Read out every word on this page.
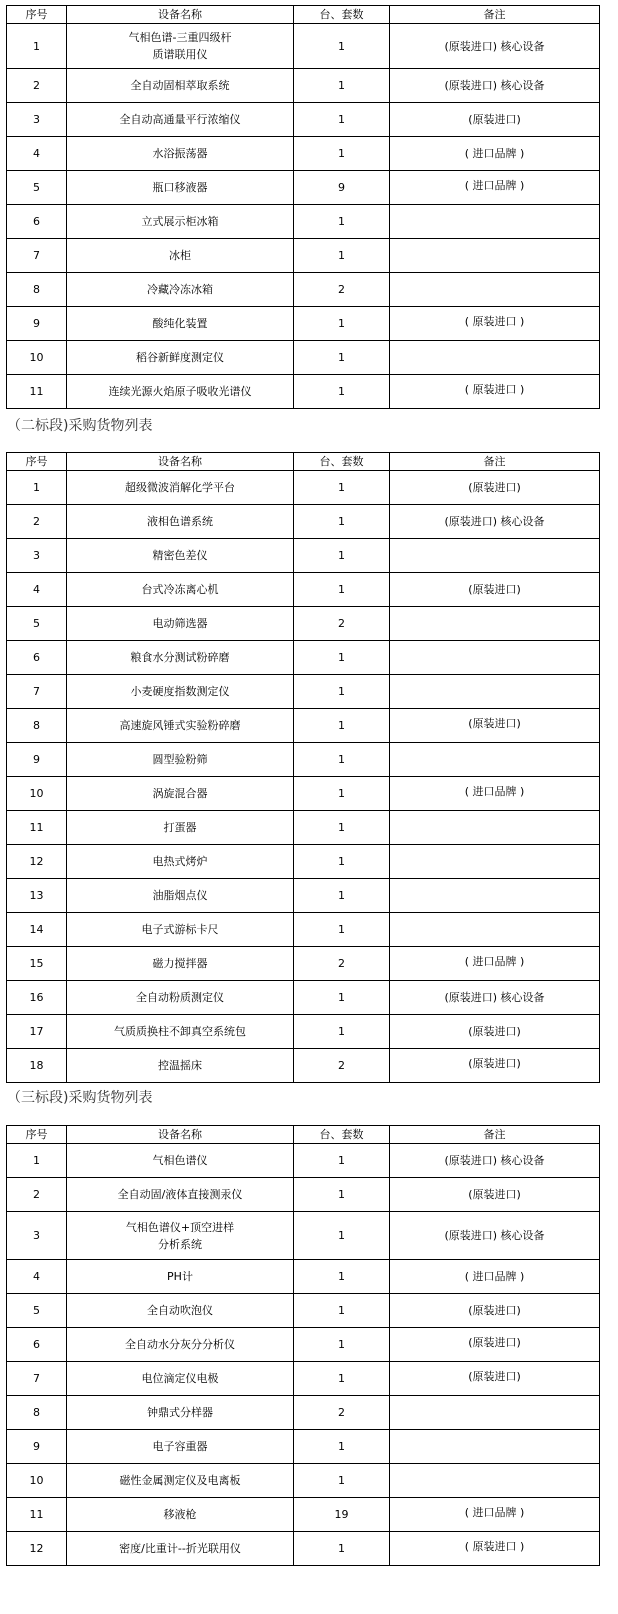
序号	设备名称	台、套数	备注
1	气相色谱-三重四级杆
质谱联用仪	1	(原装进口) 核心设备
2	全自动固相萃取系统	1	(原装进口) 核心设备
3	全自动高通量平行浓缩仪	1	(原装进口)
4	水浴振荡器	1	( 进口品牌 )
5	瓶口移液器	9	( 进口品牌 )
6	立式展示柜冰箱	1	
7	冰柜	1	
8	冷藏冷冻冰箱	2	
9	酸纯化装置	1	( 原装进口 )
10	稻谷新鲜度测定仪	1	
11	连续光源火焰原子吸收光谱仪	1	( 原装进口 )
（二标段)采购货物列表
序号	设备名称	台、套数	备注
1	超级微波消解化学平台	1	(原装进口)
2	液相色谱系统	1	(原装进口) 核心设备
3	精密色差仪	1	
4	台式冷冻离心机	1	(原装进口)
5	电动筛选器	2	
6	粮食水分测试粉碎磨	1	
7	小麦硬度指数测定仪	1	
8	高速旋风锤式实验粉碎磨	1	(原装进口)
9	圆型验粉筛	1	
10	涡旋混合器	1	( 进口品牌 )
11	打蛋器	1	
12	电热式烤炉	1	
13	油脂烟点仪	1	
14	电子式游标卡尺	1	
15	磁力搅拌器	2	( 进口品牌 )
16	全自动粉质测定仪	1	(原装进口) 核心设备
17	气质质换柱不卸真空系统包	1	(原装进口)
18	控温摇床	2	(原装进口)
（三标段)采购货物列表
序号	设备名称	台、套数	备注
1	气相色谱仪	1	(原装进口) 核心设备
2	全自动固/液体直接测汞仪	1	(原装进口)
3	气相色谱仪+顶空进样
分析系统	1	(原装进口) 核心设备
4	PH计	1	( 进口品牌 )
5	全自动吹泡仪	1	(原装进口)
6	全自动水分灰分分析仪	1	(原装进口)
7	电位滴定仪电极	1	(原装进口)
8	钟鼎式分样器	2	
9	电子容重器	1	
10	磁性金属测定仪及电离板	1	
11	移液枪	19	( 进口品牌 )
12	密度/比重计--折光联用仪	1	( 原装进口 )
